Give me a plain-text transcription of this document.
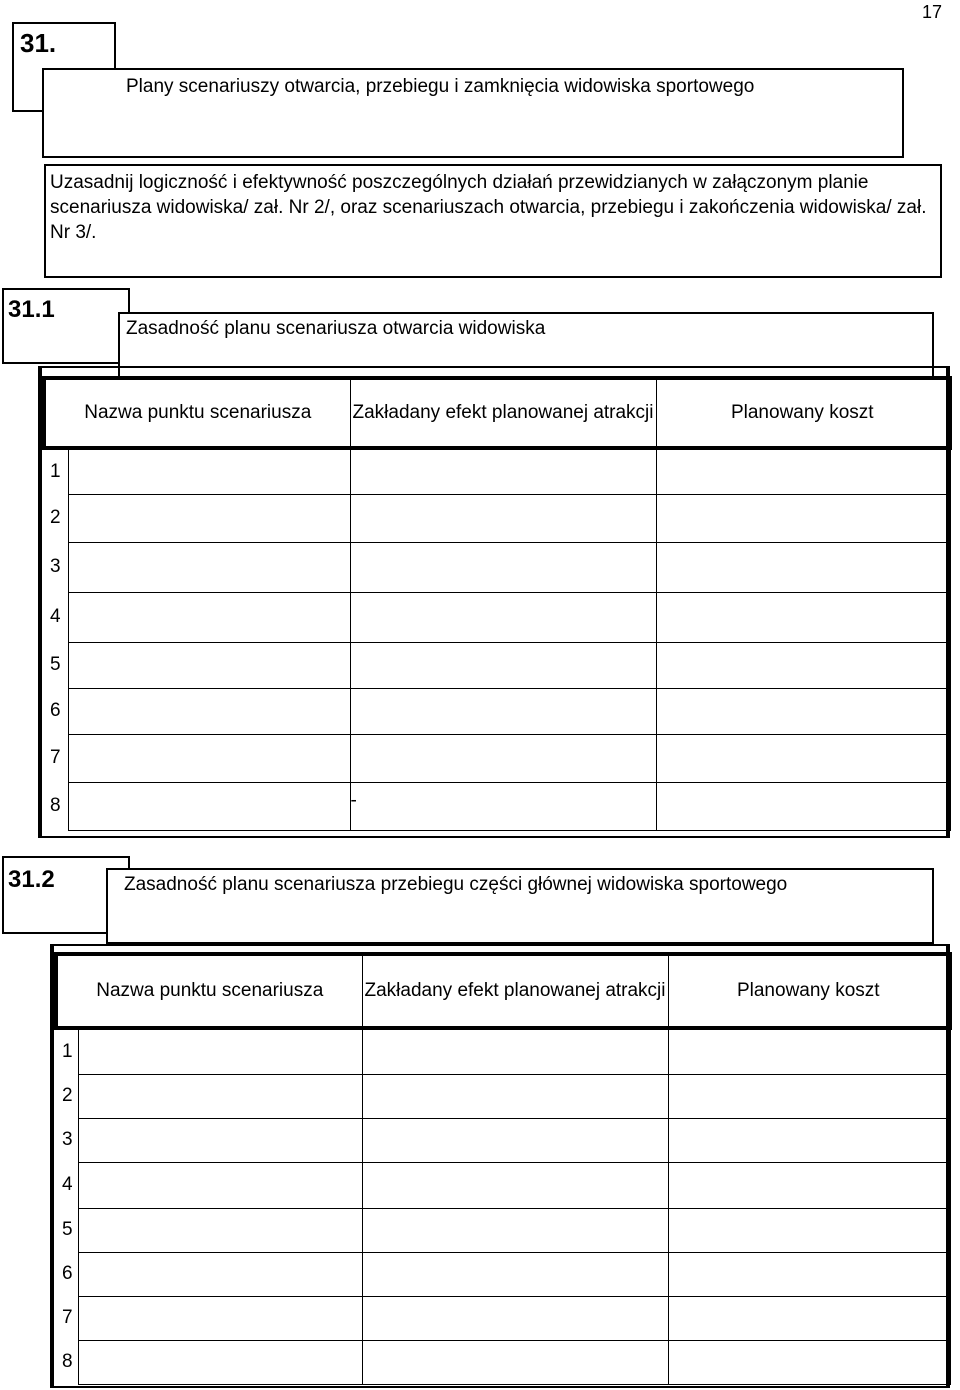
17
31.
Plany scenariuszy otwarcia, przebiegu i zamknięcia widowiska sportowego
Uzasadnij logiczność i efektywność poszczególnych działań przewidzianych w załączonym planie scenariusza widowiska/ zał. Nr 2/, oraz scenariuszach otwarcia, przebiegu i zakończenia widowiska/ zał. Nr 3/.
31.1
Zasadność planu scenariusza otwarcia widowiska
Nazwa punktu scenariusza		Zakładany efekt planowanej atrakcji	Planowany koszt
1			
2			
3			
4			
5			
6			
7			
8		-	
31.2	Zasadność planu scenariusza przebiegu części głównej widowiska sportowego
Nazwa punktu scenariusza		Zakładany efekt planowanej atrakcji	Planowany koszt
1			
2			
3			
4			
5			
6			
7			
8			
